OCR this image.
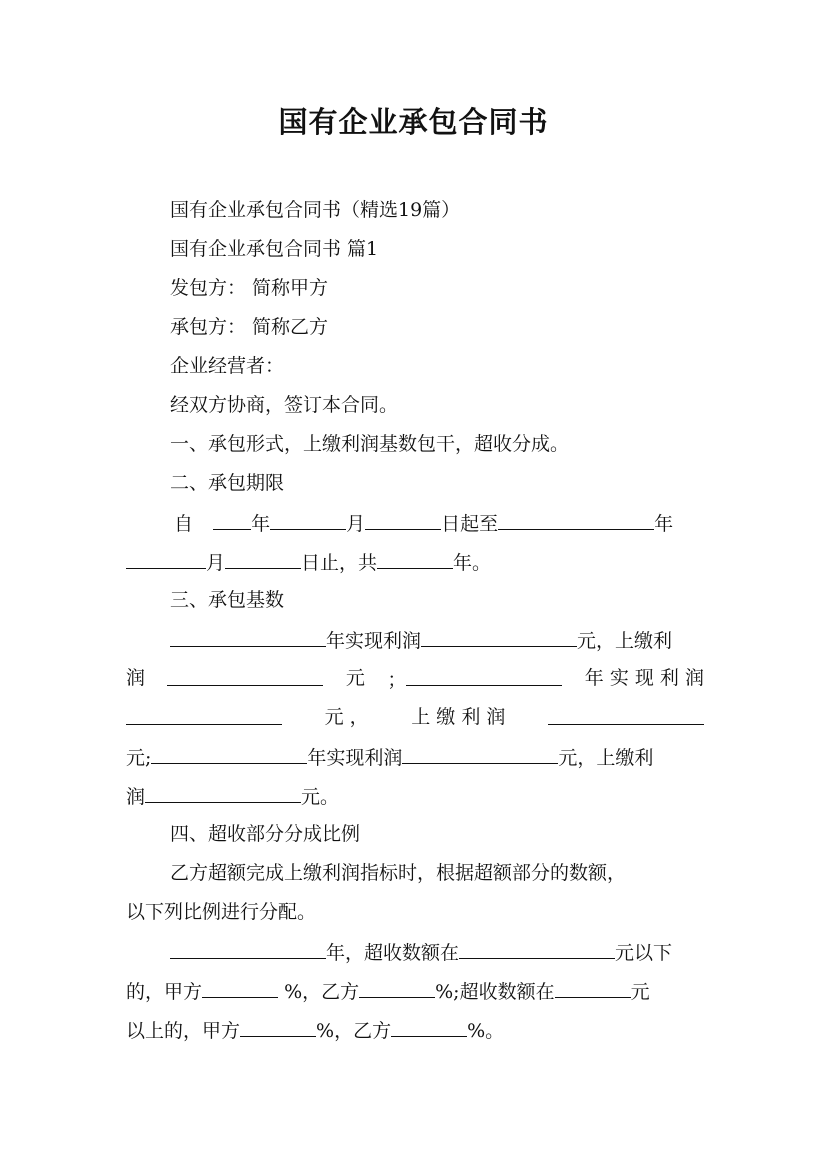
国有企业承包合同书
国有企业承包合同书（精选19篇）
国有企业承包合同书 篇1
发包方： 简称甲方
承包方： 简称乙方
企业经营者：
经双方协商，签订本合同。
一、承包形式，上缴利润基数包干，超收分成。
二、承包期限
自	年	月	日起至	年
月	日止，共	年。
三、承包基数
年实现利润	元，上缴利
润	元 ；	年 实 现 利 润
元 ， 上 缴 利 润
元;	年实现利润	元，上缴利
润	元。
四、超收部分分成比例
乙方超额完成上缴利润指标时，根据超额部分的数额，
以下列比例进行分配。
年，超收数额在	元以下
的，甲方	%，乙方	%;超收数额在	元
以上的，甲方	%，乙方	%。
